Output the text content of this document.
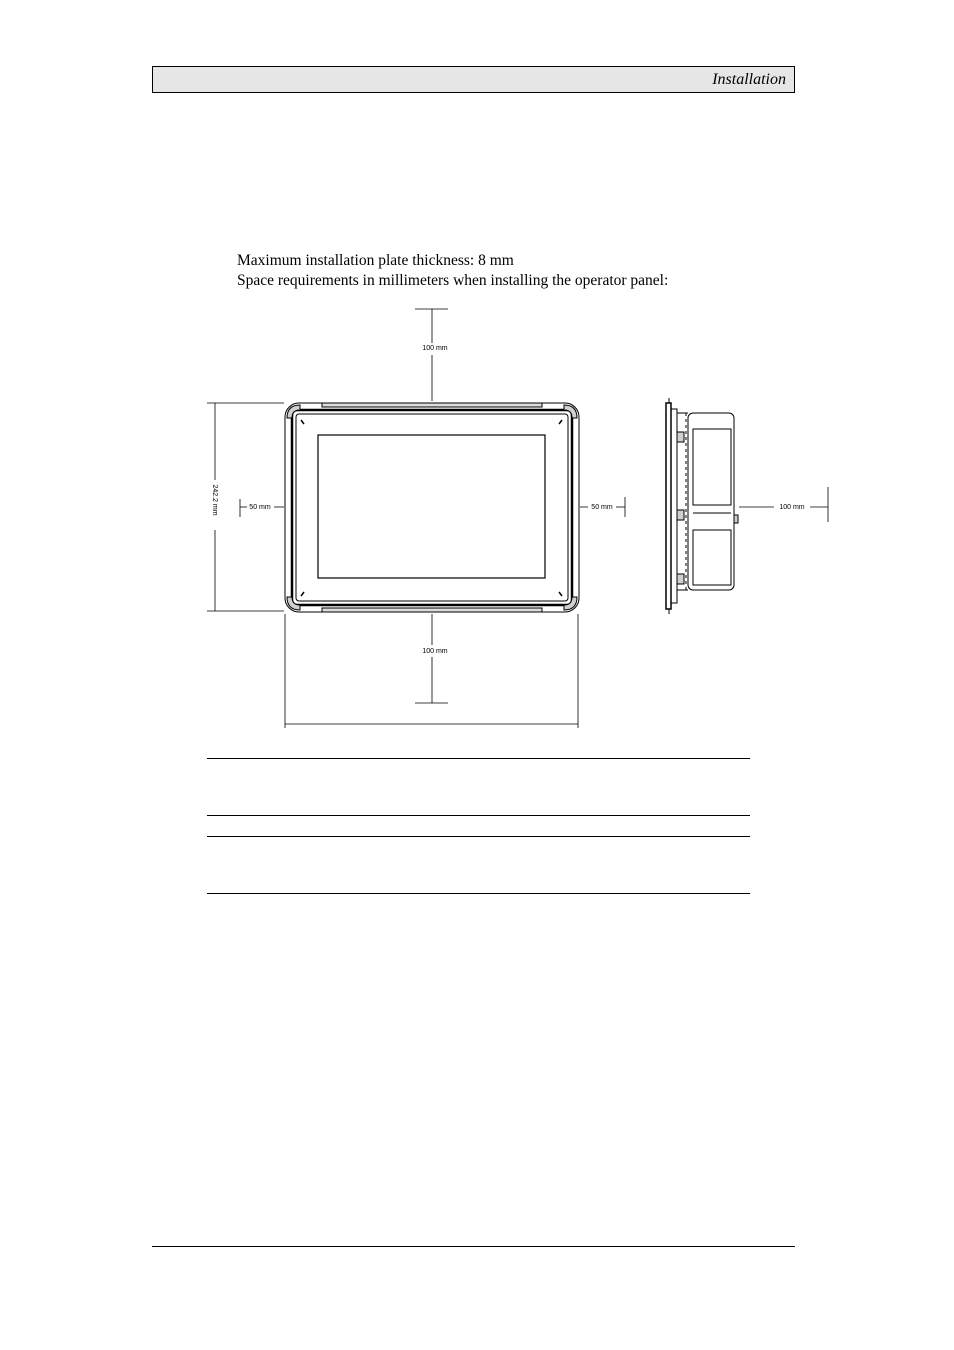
Installation
Maximum installation plate thickness: 8 mm
Space requirements in millimeters when installing the operator panel:
100 mm
100 mm
50 mm	50 mm
242.2 mm	100 mm
